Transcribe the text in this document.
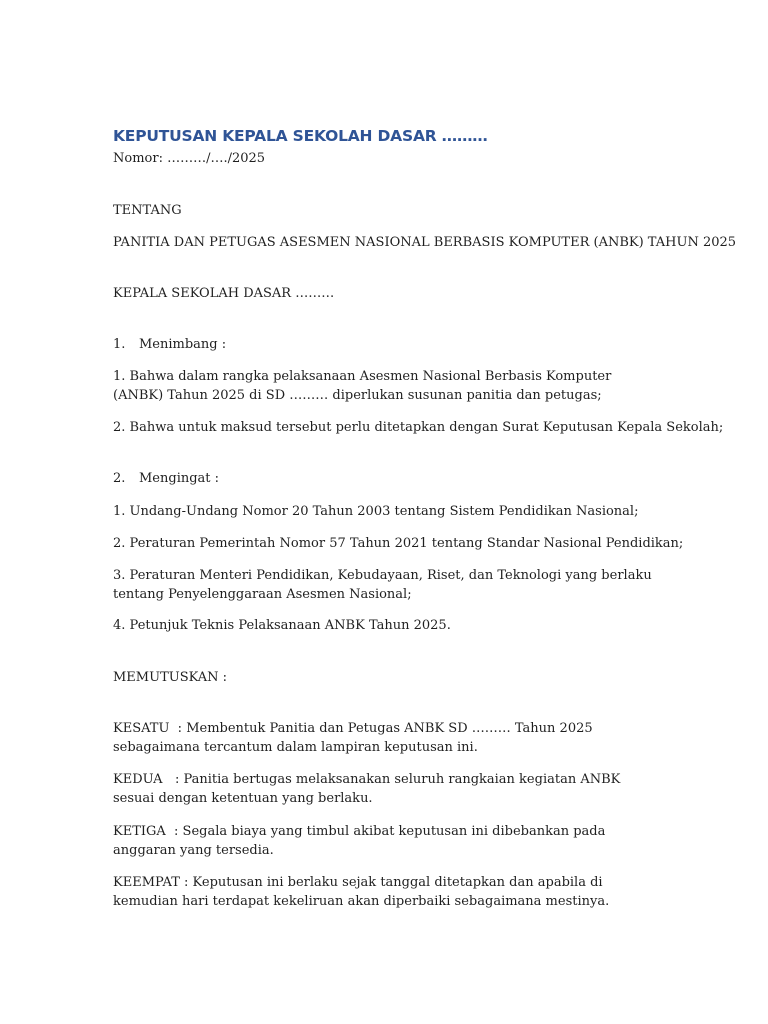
KEPUTUSAN KEPALA SEKOLAH DASAR ………
Nomor: ………/…./2025
TENTANG
PANITIA DAN PETUGAS ASESMEN NASIONAL BERBASIS KOMPUTER (ANBK) TAHUN 2025
KEPALA SEKOLAH DASAR ………
1.	Menimbang :
1. Bahwa dalam rangka pelaksanaan Asesmen Nasional Berbasis Komputer (ANBK) Tahun 2025 di SD ……… diperlukan susunan panitia dan petugas;
2. Bahwa untuk maksud tersebut perlu ditetapkan dengan Surat Keputusan Kepala Sekolah;
2.	Mengingat :
1. Undang-Undang Nomor 20 Tahun 2003 tentang Sistem Pendidikan Nasional;
2. Peraturan Pemerintah Nomor 57 Tahun 2021 tentang Standar Nasional Pendidikan;
3. Peraturan Menteri Pendidikan, Kebudayaan, Riset, dan Teknologi yang berlaku tentang Penyelenggaraan Asesmen Nasional;
4. Petunjuk Teknis Pelaksanaan ANBK Tahun 2025.
MEMUTUSKAN :
KESATU  : Membentuk Panitia dan Petugas ANBK SD ……… Tahun 2025 sebagaimana tercantum dalam lampiran keputusan ini.
KEDUA   : Panitia bertugas melaksanakan seluruh rangkaian kegiatan ANBK sesuai dengan ketentuan yang berlaku.
KETIGA  : Segala biaya yang timbul akibat keputusan ini dibebankan pada anggaran yang tersedia.
KEEMPAT : Keputusan ini berlaku sejak tanggal ditetapkan dan apabila di kemudian hari terdapat kekeliruan akan diperbaiki sebagaimana mestinya.
